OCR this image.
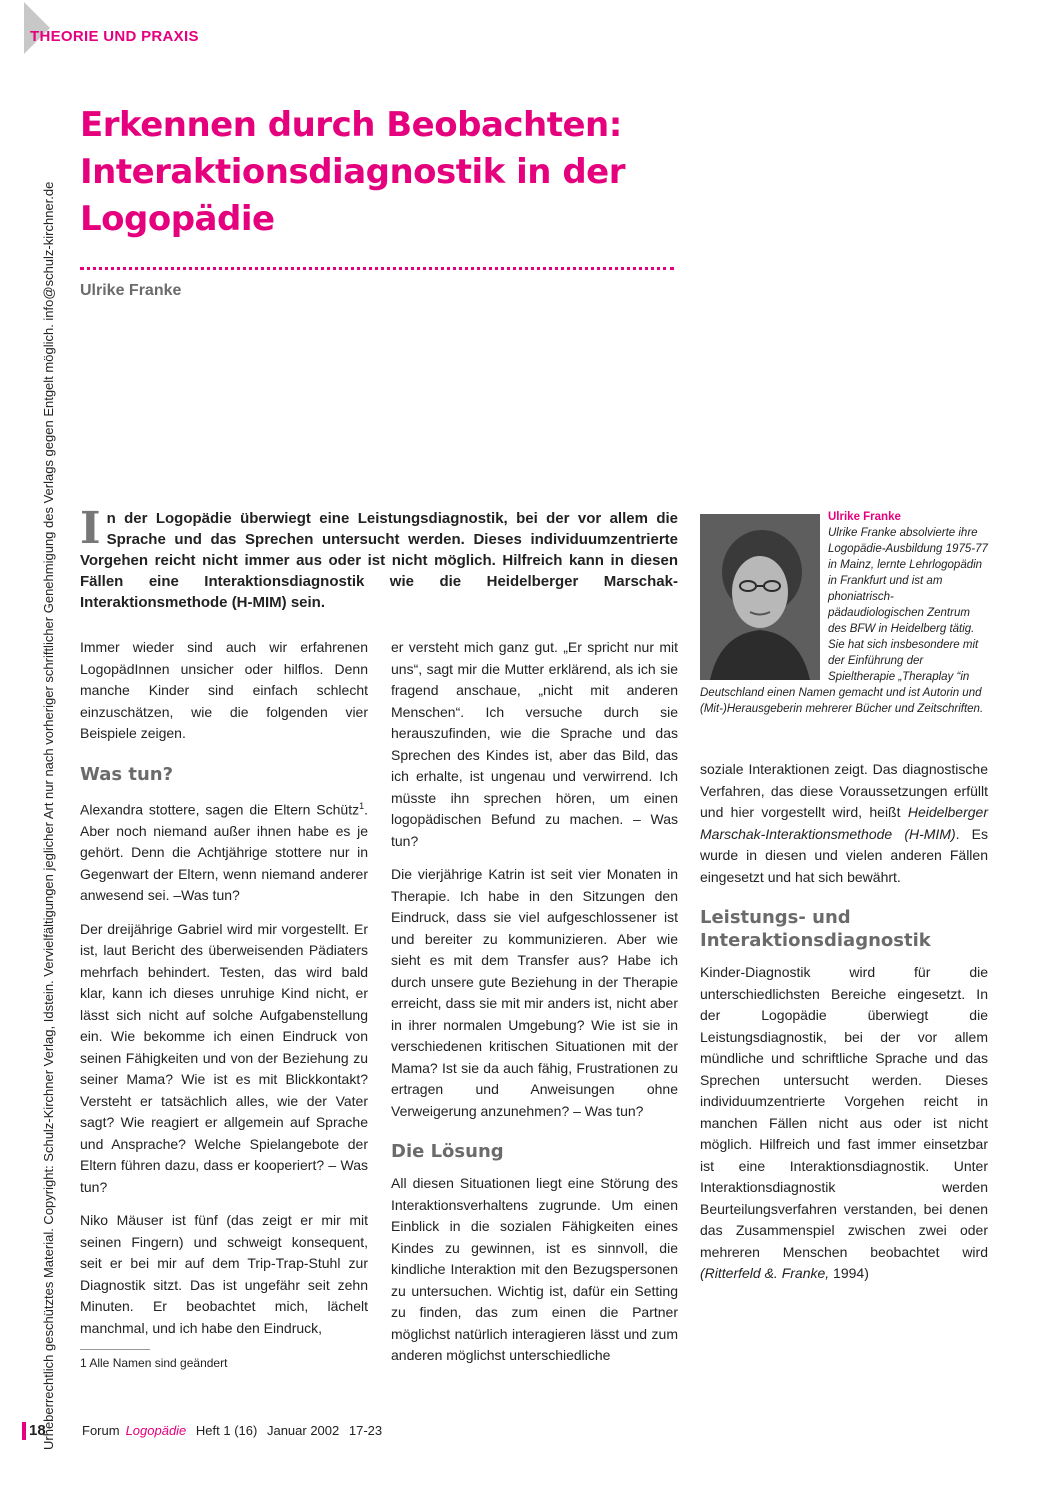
THEORIE UND PRAXIS
Urheberrechtlich geschütztes Material. Copyright: Schulz-Kirchner Verlag, Idstein. Vervielfältigungen jeglicher Art nur nach vorheriger schriftlicher Genehmigung des Verlags gegen Entgelt möglich. info@schulz-kirchner.de
Erkennen durch Beobachten:
Interaktionsdiagnostik in der
Logopädie
Ulrike Franke

I n der Logopädie überwiegt eine Leistungsdiagnostik, bei der vor allem die Sprache und das Sprechen untersucht werden. Dieses individuumzentrierte Vorgehen reicht nicht immer aus oder ist nicht möglich. Hilfreich kann in diesen Fällen eine Interaktionsdiagnostik wie die Heidelberger Marschak-Interaktionsmethode (H-MIM) sein.

Ulrike Franke
Ulrike Franke absolvierte ihre Logopädie-Ausbildung 1975-77 in Mainz, lernte Lehrlogopädin in Frankfurt und ist am phoniatrisch-pädaudiologischen Zentrum des BFW in Heidelberg tätig. Sie hat sich insbesondere mit der Einführung der Spieltherapie „Theraplay “in Deutschland einen Namen gemacht und ist Autorin und (Mit-)Herausgeberin mehrerer Bücher und Zeitschriften.

Immer wieder sind auch wir erfahrenen LogopädInnen unsicher oder hilflos. Denn manche Kinder sind einfach schlecht einzuschätzen, wie die folgenden vier Beispiele zeigen.

Was tun?

Alexandra stottere, sagen die Eltern Schütz$^1$. Aber noch niemand außer ihnen habe es je gehört. Denn die Achtjährige stottere nur in Gegenwart der Eltern, wenn niemand anderer anwesend sei. –Was tun?

Der dreijährige Gabriel wird mir vorgestellt. Er ist, laut Bericht des überweisenden Pädiaters mehrfach behindert. Testen, das wird bald klar, kann ich dieses unruhige Kind nicht, er lässt sich nicht auf solche Aufgabenstellung ein. Wie bekomme ich einen Eindruck von seinen Fähigkeiten und von der Beziehung zu seiner Mama? Wie ist es mit Blickkontakt? Versteht er tatsächlich alles, wie der Vater sagt? Wie reagiert er allgemein auf Sprache und Ansprache? Welche Spielangebote der Eltern führen dazu, dass er kooperiert? – Was tun?

Niko Mäuser ist fünf (das zeigt er mir mit seinen Fingern) und schweigt konsequent, seit er bei mir auf dem Trip-Trap-Stuhl zur Diagnostik sitzt. Das ist ungefähr seit zehn Minuten. Er beobachtet mich, lächelt manchmal, und ich habe den Eindruck,

er versteht mich ganz gut. „Er spricht nur mit uns“, sagt mir die Mutter erklärend, als ich sie fragend anschaue, „nicht mit anderen Menschen“. Ich versuche durch sie herauszufinden, wie die Sprache und das Sprechen des Kindes ist, aber das Bild, das ich erhalte, ist ungenau und verwirrend. Ich müsste ihn sprechen hören, um einen logopädischen Befund zu machen. – Was tun?

Die vierjährige Katrin ist seit vier Monaten in Therapie. Ich habe in den Sitzungen den Eindruck, dass sie viel aufgeschlossener ist und bereiter zu kommunizieren. Aber wie sieht es mit dem Transfer aus? Habe ich durch unsere gute Beziehung in der Therapie erreicht, dass sie mit mir anders ist, nicht aber in ihrer normalen Umgebung? Wie ist sie in verschiedenen kritischen Situationen mit der Mama? Ist sie da auch fähig, Frustrationen zu ertragen und Anweisungen ohne Verweigerung anzunehmen? – Was tun?

Die Lösung

All diesen Situationen liegt eine Störung des Interaktionsverhaltens zugrunde. Um einen Einblick in die sozialen Fähigkeiten eines Kindes zu gewinnen, ist es sinnvoll, die kindliche Interaktion mit den Bezugspersonen zu untersuchen. Wichtig ist, dafür ein Setting zu finden, das zum einen die Partner möglichst natürlich interagieren lässt und zum anderen möglichst unterschiedliche

soziale Interaktionen zeigt. Das diagnostische Verfahren, das diese Voraussetzungen erfüllt und hier vorgestellt wird, heißt Heidelberger Marschak-Interaktionsmethode (H-MIM). Es wurde in diesen und vielen anderen Fällen eingesetzt und hat sich bewährt.

Leistungs- und Interaktionsdiagnostik

Kinder-Diagnostik wird für die unterschiedlichsten Bereiche eingesetzt. In der Logopädie überwiegt die Leistungsdiagnostik, bei der vor allem mündliche und schriftliche Sprache und das Sprechen untersucht werden. Dieses individuumzentrierte Vorgehen reicht in manchen Fällen nicht aus oder ist nicht möglich. Hilfreich und fast immer einsetzbar ist eine Interaktionsdiagnostik. Unter Interaktionsdiagnostik werden Beurteilungsverfahren verstanden, bei denen das Zusammenspiel zwischen zwei oder mehreren Menschen beobachtet wird (Ritterfeld &. Franke, 1994)

1 Alle Namen sind geändert
18	Forum Logopädie Heft 1 (16) Januar 2002 17-23
